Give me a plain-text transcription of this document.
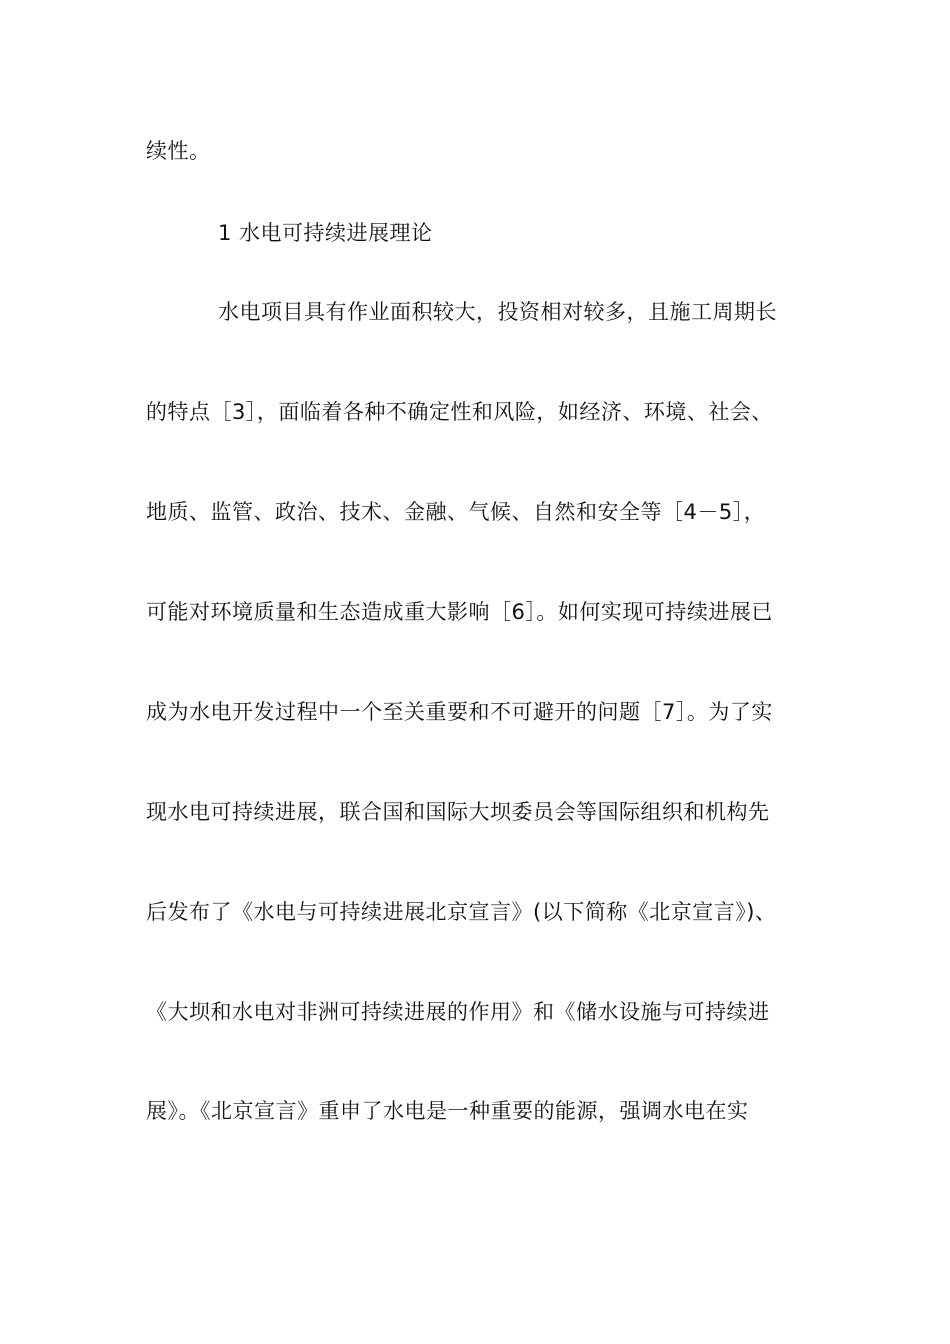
续性。
1 水电可持续进展理论
水电项目具有作业面积较大，投资相对较多，且施工周期长
的特点［3］，面临着各种不确定性和风险，如经济、环境、社会、
地质、监管、政治、技术、金融、气候、自然和安全等［4－5］，
可能对环境质量和生态造成重大影响［6］。如何实现可持续进展已
成为水电开发过程中一个至关重要和不可避开的问题［7］。为了实
现水电可持续进展，联合国和国际大坝委员会等国际组织和机构先
后发布了《水电与可持续进展北京宣言》(以下简称《北京宣言》)、
《大坝和水电对非洲可持续进展的作用》和《储水设施与可持续进
展》。《北京宣言》重申了水电是一种重要的能源，强调水电在实
